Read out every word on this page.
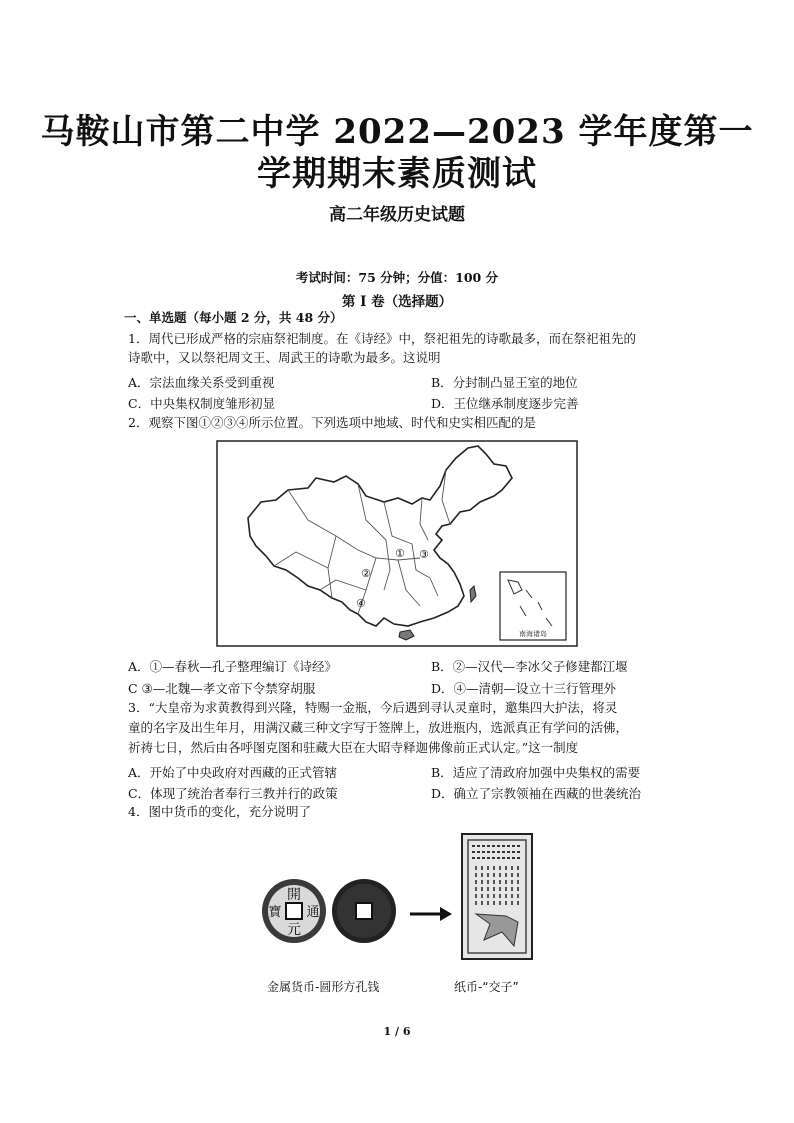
马鞍山市第二中学 2022—2023 学年度第一
学期期末素质测试
高二年级历史试题
考试时间：75 分钟；分值：100 分
第 I 卷（选择题）
一、单选题（每小题 2 分，共 48 分）
1．周代已形成严格的宗庙祭祀制度。在《诗经》中，祭祀祖先的诗歌最多，而在祭祀祖先的
诗歌中，又以祭祀周文王、周武王的诗歌为最多。这说明
A．宗法血缘关系受到重视	B．分封制凸显王室的地位
C．中央集权制度雏形初显	D．王位继承制度逐步完善
2．观察下图①②③④所示位置。下列选项中地域、时代和史实相匹配的是
南海诸岛
①
②
③
④
A．①—春秋—孔子整理编订《诗经》	B．②—汉代—李冰父子修建都江堰
C ③—北魏—孝文帝下令禁穿胡服	D．④—清朝—设立十三行管理外
3．“大皇帝为求黄教得到兴隆，特赐一金瓶，今后遇到寻认灵童时，邀集四大护法，将灵
童的名字及出生年月，用满汉藏三种文字写于签牌上，放进瓶内，选派真正有学问的活佛，
祈祷七日，然后由各呼图克图和驻藏大臣在大昭寺释迦佛像前正式认定。”这一制度
A．开始了中央政府对西藏的正式管辖	B．适应了清政府加强中央集权的需要
C．体现了统治者奉行三教并行的政策	D．确立了宗教领袖在西藏的世袭统治
4．图中货币的变化，充分说明了
開
元
通
寶
金属货币-圆形方孔钱	纸币-“交子”
1 / 6
